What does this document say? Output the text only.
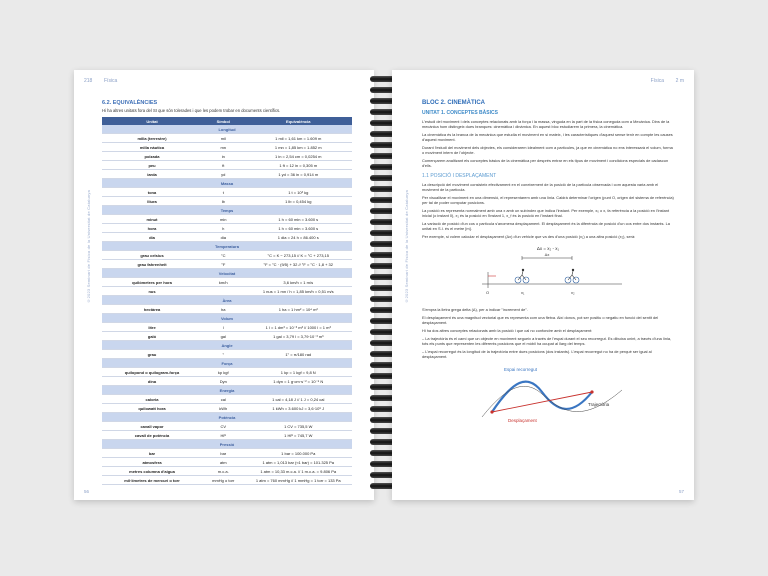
218 Física
©2023 Seminari de Física de la Universitat de Catalunya
6.2. EQUIVALÈNCIES
Hi ha altres unitats fora del SI que són tolerades i que les podem trobar en documents científics.
Unitat	Símbol	Equivalència
Longitud		
milla (terrestre)	mil	1 mil = 1,61 km = 1.609 m
milla nàutica	mn	1 mn = 1,85 km = 1.852 m
polzada	in	1 in = 2,54 cm = 0,0254 m
peu	ft	1 ft = 12 in = 0,305 m
iarda	yd	1 yd = 36 in = 0,914 m
Massa		
tona	t	1 t = 10³ kg
lliura	lb	1 lb = 0,454 kg
Temps		
minut	min	1 h = 60 min = 3.600 s
hora	h	1 h = 60 min = 3.600 s
dia	dia	1 dia = 24 h = 86.400 s
Temperatura		
grau celsius	°C	°C = K − 273,15 // K = °C + 273,15
grau fahrenheit	°F	°F = °C · (9/5) + 32 // °F = °C · 1,8 + 32
Velocitat		
quilòmetres per hora	km/h	3,6 km/h = 1 m/s
nus		1 nus = 1 mn / h = 1,85 km/h = 0,51 m/s
Àrea		
hectàrea	ha	1 ha = 1 hm² = 10⁴ m²
Volum		
litre	l	1 l = 1 dm³ = 10⁻³ m³ // 1000 l = 1 m³
galó	gal	1 gal = 3,79 l = 3,79·10⁻³ m³
Angle		
grau	°	1° = π/180 rad
Força		
quilopond o quilogram-força	kp kgf	1 kp = 1 kgf = 9,8 N
dina	Dyn	1 dyn = 1 g·cm·s⁻² = 10⁻⁵ N
Energia		
caloria	cal	1 cal = 4,18 J // 1 J = 0,24 cal
quilowatt hora	kWh	1 kWh = 3.600 kJ = 3,6·10⁶ J
Potència		
cavall vapor	CV	1 CV = 735,5 W
cavall de potència	HP	1 HP = 745,7 W
Pressió		
bar	bar	1 bar = 100.000 Pa
atmosfera	atm	1 atm = 1,013 bar (≈1 bar) = 101.325 Pa
metres columna d'aigua	m.c.a.	1 atm = 10,33 m.c.a. // 1 m.c.a. = 9.806 Pa
mil·límetres de mercuri o torr	mmHg o torr	1 atm = 760 mmHg // 1 mmHg = 1 torr = 133 Pa
56
Física 2 m
©2023 Seminari de Física de la Universitat de Catalunya
BLOC 2. CINEMÀTICA
UNITAT 1. CONCEPTES BÀSICS

L'estudi del moviment i dels conceptes relacionats amb la força i la massa, vinguda en la part de la física coneguda com a Mecànica. Dins de la mecànica hom distingeix dues branques: cinemàtica i dinàmica. En aquest bloc estudiarem la primera, la cinemàtica.

La cinemàtica és la branca de la mecànica que estudia el moviment en si mateix, i les característiques d'aquest sense tenir en compte les causes d'aquest moviment.

Durant l'estudi del moviment dels objectes, els considerarem idealment com a partícules, ja que en cinemàtica no ens interessarà el volum, forma o moviment intern de l'objecte.

Començarem analitzant els conceptes bàsics de la cinemàtica per després entrar en els tipus de moviment i condicions especials de cadascun d'ells.

1.1 POSICIÓ I DESPLAÇAMENT

La descripció del moviment consisteix efectivament en el coneixement de la posició de la partícula observada i com aquesta varia amb el moviment de la partícula.

Per visualitzar el moviment en una dimensió, el representarem amb una línia. Caldrà determinar l'origen (punt O, origen del sistema de referència) per tal de poder computar posicions.

La posició es representa normalment amb una x amb un subíndex que indica l'instant. Per exemple, x₀ o x, fa referència a la posició en l'instant inicial (o instant 0), x₁ és la posició en l'instant 1, x_f és la posició en l'instant final.

La variació de posició d'un cos o partícula s'anomena desplaçament. El desplaçament és la diferència de posició d'un cos entre dos instants. La unitat en S.I. és el metre [m].

Per exemple, si volem calcular el desplaçament (Δx) d'un vehicle que va des d'una posició (x₁) a una altra posició (x₂), serà:

Δx = x₂ - x₁
Δx
O	x₁	x₂

S'empra la lletra grega delta (Δ), per a indicar "increment de".

El desplaçament és una magnitud vectorial que es representa com una fletxa. Així doncs, pot ser positiu o negatiu en funció del sentit del desplaçament.

Hi ha dos altres conceptes relacionats amb la posició i que cal no confondre amb el desplaçament:

– La trajectòria és el camí que un objecte en moviment segueix a través de l'espai durant el seu recorregut. Es dibuixa unint, a través d'una línia, tots els punts que representen les diferents posicions que el mòbil ha ocupat al llarg del temps.

– L'espai recorregut és la longitud de la trajectòria entre dues posicions (dos instants). L'espai recorregut no ha de perquè ser igual al desplaçament.

Espai recorregut
Trajectòria
Desplaçament
57
